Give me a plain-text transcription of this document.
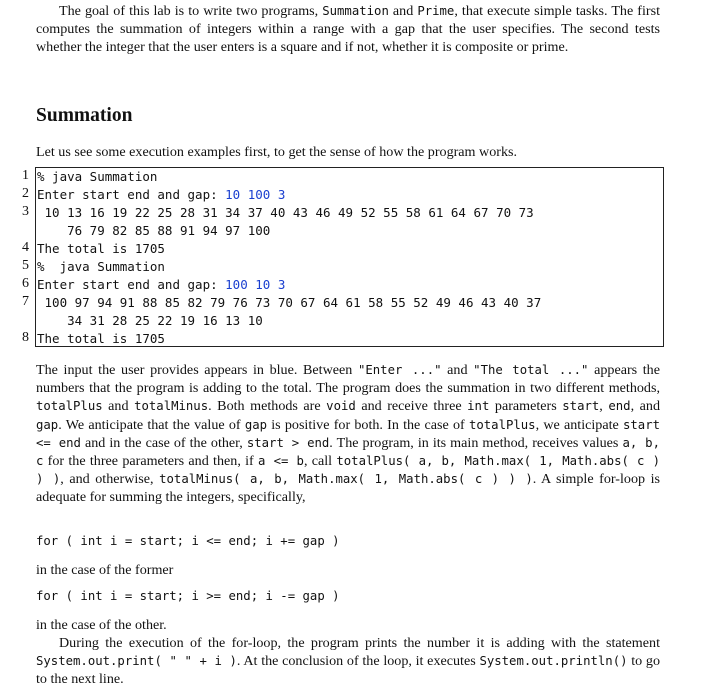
The goal of this lab is to write two programs, Summation and Prime, that execute simple tasks. The first computes the summation of integers within a range with a gap that the user specifies. The second tests whether the integer that the user enters is a square and if not, whether it is composite or prime.

Summation

Let us see some execution examples first, to get the sense of how the program works.

1 % java Summation
2 Enter start end and gap: 10 100 3
3 10 13 16 19 22 25 28 31 34 37 40 43 46 49 52 55 58 61 64 67 70 73
76 79 82 85 88 91 94 97 100
4 The total is 1705
5 %  java Summation
6 Enter start end and gap: 100 10 3
7 100 97 94 91 88 85 82 79 76 73 70 67 64 61 58 55 52 49 46 43 40 37
34 31 28 25 22 19 16 13 10
8 The total is 1705

The input the user provides appears in blue. Between "Enter ..." and "The total ..." appears the numbers that the program is adding to the total. The program does the summation in two different methods, totalPlus and totalMinus. Both methods are void and receive three int parameters start, end, and gap. We anticipate that the value of gap is positive for both. In the case of totalPlus, we anticipate start <= end and in the case of the other, start > end. The program, in its main method, receives values a, b, c for the three parameters and then, if a <= b, call totalPlus( a, b, Math.max( 1, Math.abs( c ) ) ), and otherwise, totalMinus( a, b, Math.max( 1, Math.abs( c ) ) ). A simple for-loop is adequate for summing the integers, specifically,

for ( int i = start; i <= end; i += gap )
in the case of the former
for ( int i = start; i >= end; i -= gap )
in the case of the other.

During the execution of the for-loop, the program prints the number it is adding with the statement System.out.print( " " + i ). At the conclusion of the loop, it executes System.out.println() to go to the next line.
